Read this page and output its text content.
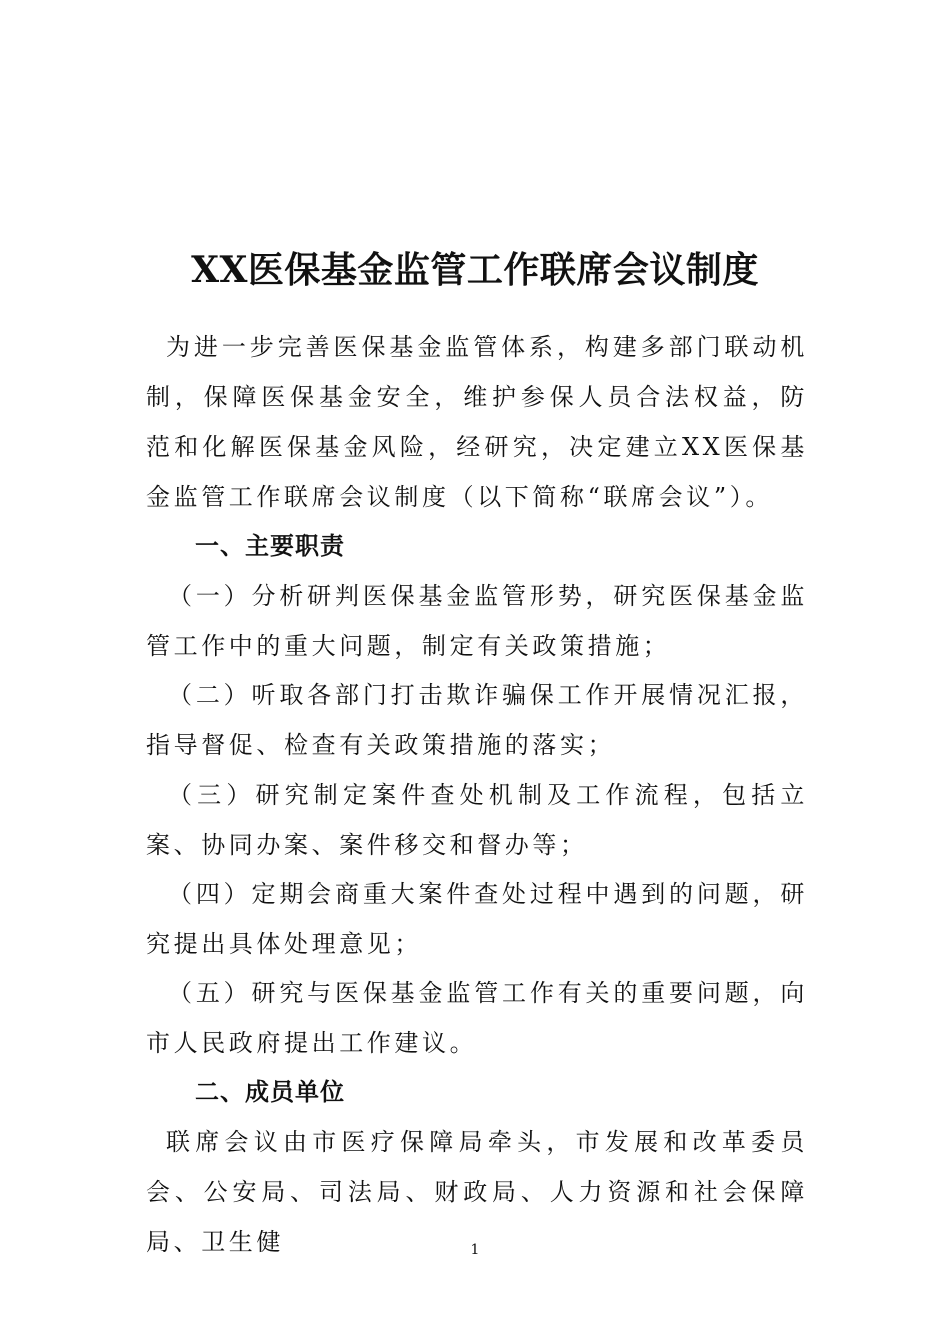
XX医保基金监管工作联席会议制度

为进一步完善医保基金监管体系，构建多部门联动机制，保障医保基金安全，维护参保人员合法权益，防范和化解医保基金风险，经研究，决定建立XX医保基金监管工作联席会议制度（以下简称“联席会议”）。

一、主要职责

（一）分析研判医保基金监管形势，研究医保基金监管工作中的重大问题，制定有关政策措施；

（二）听取各部门打击欺诈骗保工作开展情况汇报，指导督促、检查有关政策措施的落实；

（三）研究制定案件查处机制及工作流程，包括立案、协同办案、案件移交和督办等；

（四）定期会商重大案件查处过程中遇到的问题，研究提出具体处理意见；

（五）研究与医保基金监管工作有关的重要问题，向市人民政府提出工作建议。

二、成员单位

联席会议由市医疗保障局牵头，市发展和改革委员会、公安局、司法局、财政局、人力资源和社会保障局、卫生健	1
